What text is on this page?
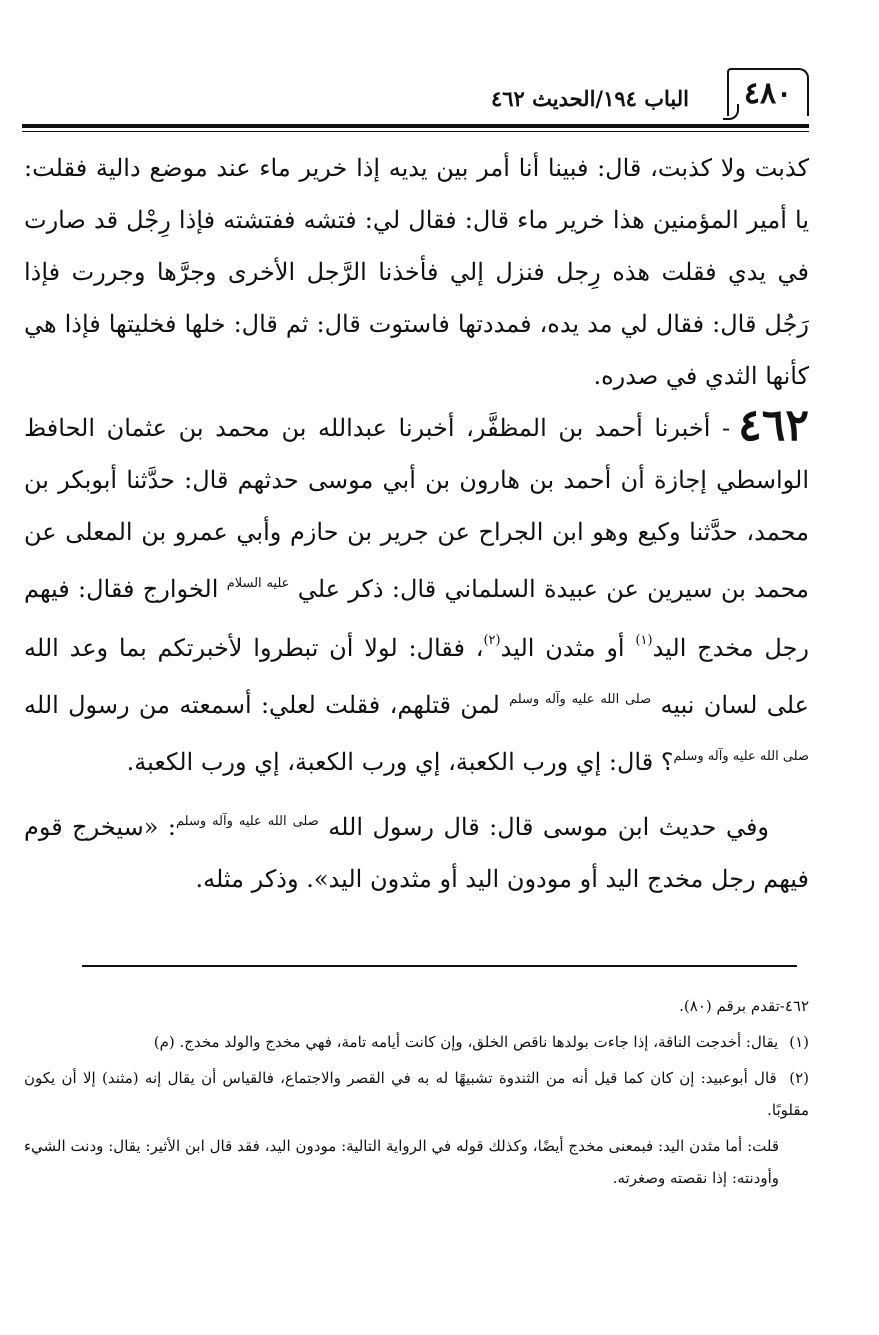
٤٨٠
الباب ١٩٤/الحديث ٤٦٢

كذبت ولا كذبت، قال: فبينا أنا أمر بين يديه إذا خرير ماء عند موضع دالية فقلت: يا أمير المؤمنين هذا خرير ماء قال: فقال لي: فتشه ففتشته فإذا رِجْل قد صارت في يدي فقلت هذه رِجل فنزل إلي فأخذنا الرَّجل الأخرى وجرَّها وجررت فإذا رَجُل قال: فقال لي مد يده، فمددتها فاستوت قال: ثم قال: خلها فخليتها فإذا هي كأنها الثدي في صدره.

٤٦٢- أخبرنا أحمد بن المظفَّر، أخبرنا عبدالله بن محمد بن عثمان الحافظ الواسطي إجازة أن أحمد بن هارون بن أبي موسى حدثهم قال: حدَّثنا أبوبكر بن محمد، حدَّثنا وكيع وهو ابن الجراح عن جرير بن حازم وأبي عمرو بن المعلى عن محمد بن سيرين عن عبيدة السلماني قال: ذكر علي $^{عليه السلام}$ الخوارج فقال: فيهم رجل مخدج اليد$^{(١)}$ أو مثدن اليد$^{(٢)}$، فقال: لولا أن تبطروا لأخبرتكم بما وعد الله على لسان نبيه $^{صلى الله عليه وآله وسلم}$ لمن قتلهم، فقلت لعلي: أسمعته من رسول الله $^{صلى الله عليه وآله وسلم}$؟ قال: إي ورب الكعبة، إي ورب الكعبة، إي ورب الكعبة.

وفي حديث ابن موسى قال: قال رسول الله $^{صلى الله عليه وآله وسلم}$: «سيخرج قوم فيهم رجل مخدج اليد أو مودون اليد أو مثدون اليد». وذكر مثله.

٤٦٢-تقدم برقم (٨٠).

(١) يقال: أخدجت الناقة، إذا جاءت بولدها ناقص الخلق، وإن كانت أيامه تامة، فهي مخدج والولد مخدج. (م)

(٢) قال أبوعبيد: إن كان كما قيل أنه من الثندوة تشبيهًا له به في القصر والاجتماع، فالقياس أن يقال إنه (مثند) إلا أن يكون مقلوبًا.

قلت: أما مثدن اليد: فبمعنى مخدج أيضًا، وكذلك قوله في الرواية التالية: مودون اليد، فقد قال ابن الأثير: يقال: ودنت الشيء وأودنته: إذا نقصته وصغرته.
